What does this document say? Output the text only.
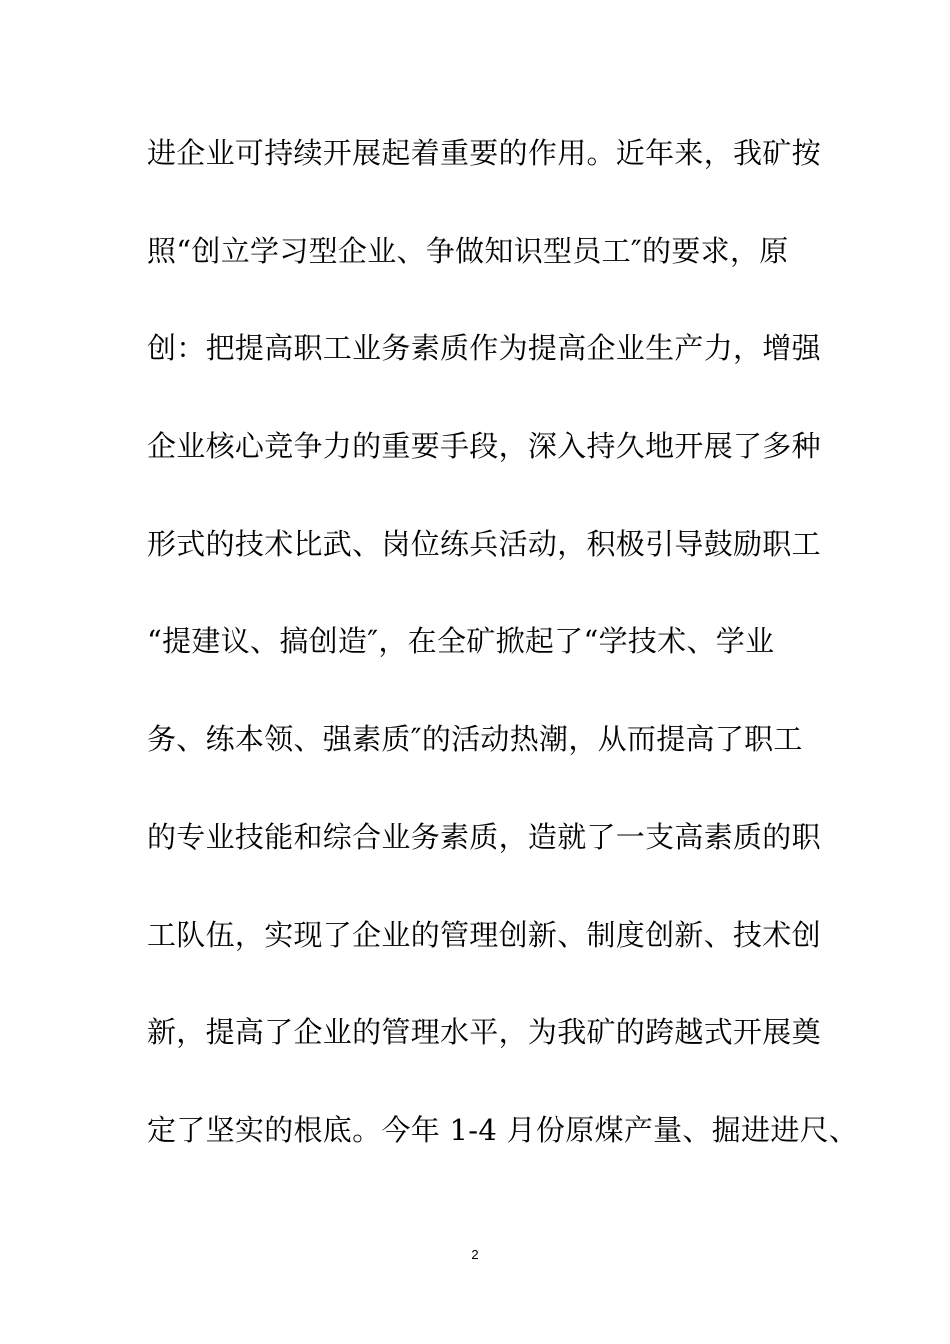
进企业可持续开展起着重要的作用。近年来，我矿按
照“创立学习型企业、争做知识型员工″的要求，原
创：把提高职工业务素质作为提高企业生产力，增强
企业核心竞争力的重要手段，深入持久地开展了多种
形式的技术比武、岗位练兵活动，积极引导鼓励职工
“提建议、搞创造″，在全矿掀起了“学技术、学业
务、练本领、强素质″的活动热潮，从而提高了职工
的专业技能和综合业务素质，造就了一支高素质的职
工队伍，实现了企业的管理创新、制度创新、技术创
新，提高了企业的管理水平，为我矿的跨越式开展奠
定了坚实的根底。今年 1-4 月份原煤产量、掘进进尺、
2
